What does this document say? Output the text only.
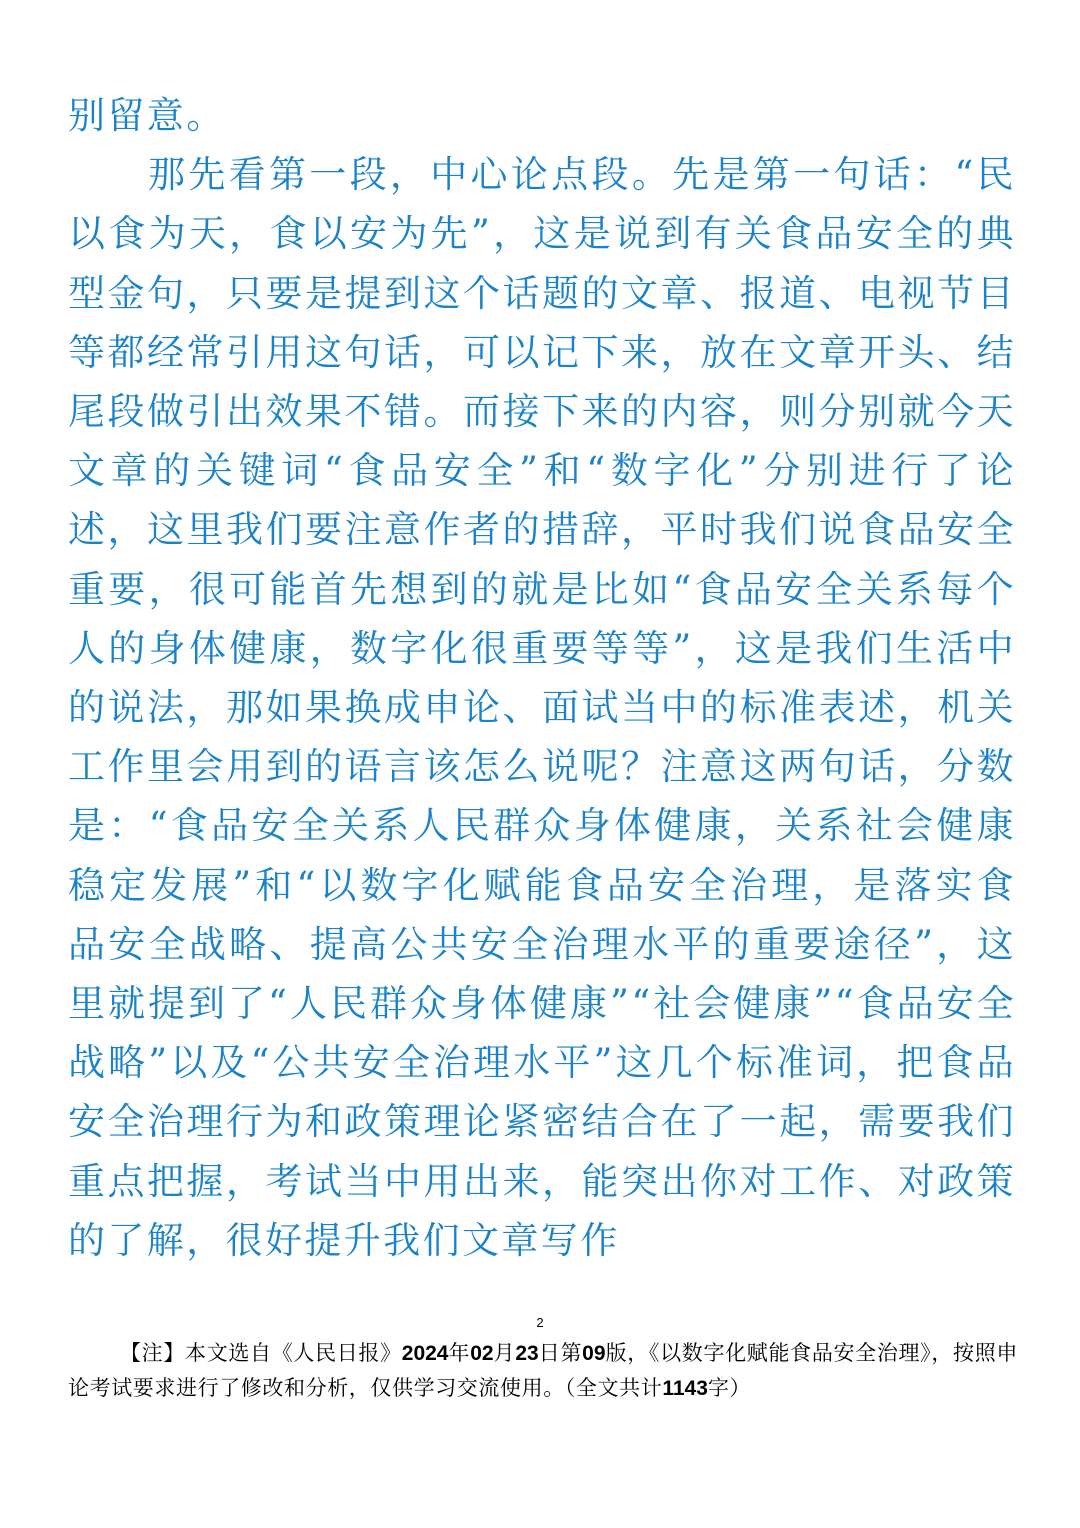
别留意。

那先看第一段，中心论点段。先是第一句话：“民以食为天，食以安为先”，这是说到有关食品安全的典型金句，只要是提到这个话题的文章、报道、电视节目等都经常引用这句话，可以记下来，放在文章开头、结尾段做引出效果不错。而接下来的内容，则分别就今天文章的关键词“食品安全”和“数字化”分别进行了论述，这里我们要注意作者的措辞，平时我们说食品安全重要，很可能首先想到的就是比如“食品安全关系每个人的身体健康，数字化很重要等等”，这是我们生活中的说法，那如果换成申论、面试当中的标准表述，机关工作里会用到的语言该怎么说呢？注意这两句话，分数是：“食品安全关系人民群众身体健康，关系社会健康稳定发展”和“以数字化赋能食品安全治理，是落实食品安全战略、提高公共安全治理水平的重要途径”，这里就提到了“人民群众身体健康”“社会健康”“食品安全战略”以及“公共安全治理水平”这几个标准词，把食品安全治理行为和政策理论紧密结合在了一起，需要我们重点把握，考试当中用出来，能突出你对工作、对政策的了解，很好提升我们文章写作

2

【注】本文选自《人民日报》2024年02月23日第09版，《以数字化赋能食品安全治理》，按照申论考试要求进行了修改和分析，仅供学习交流使用。（全文共计1143字）
